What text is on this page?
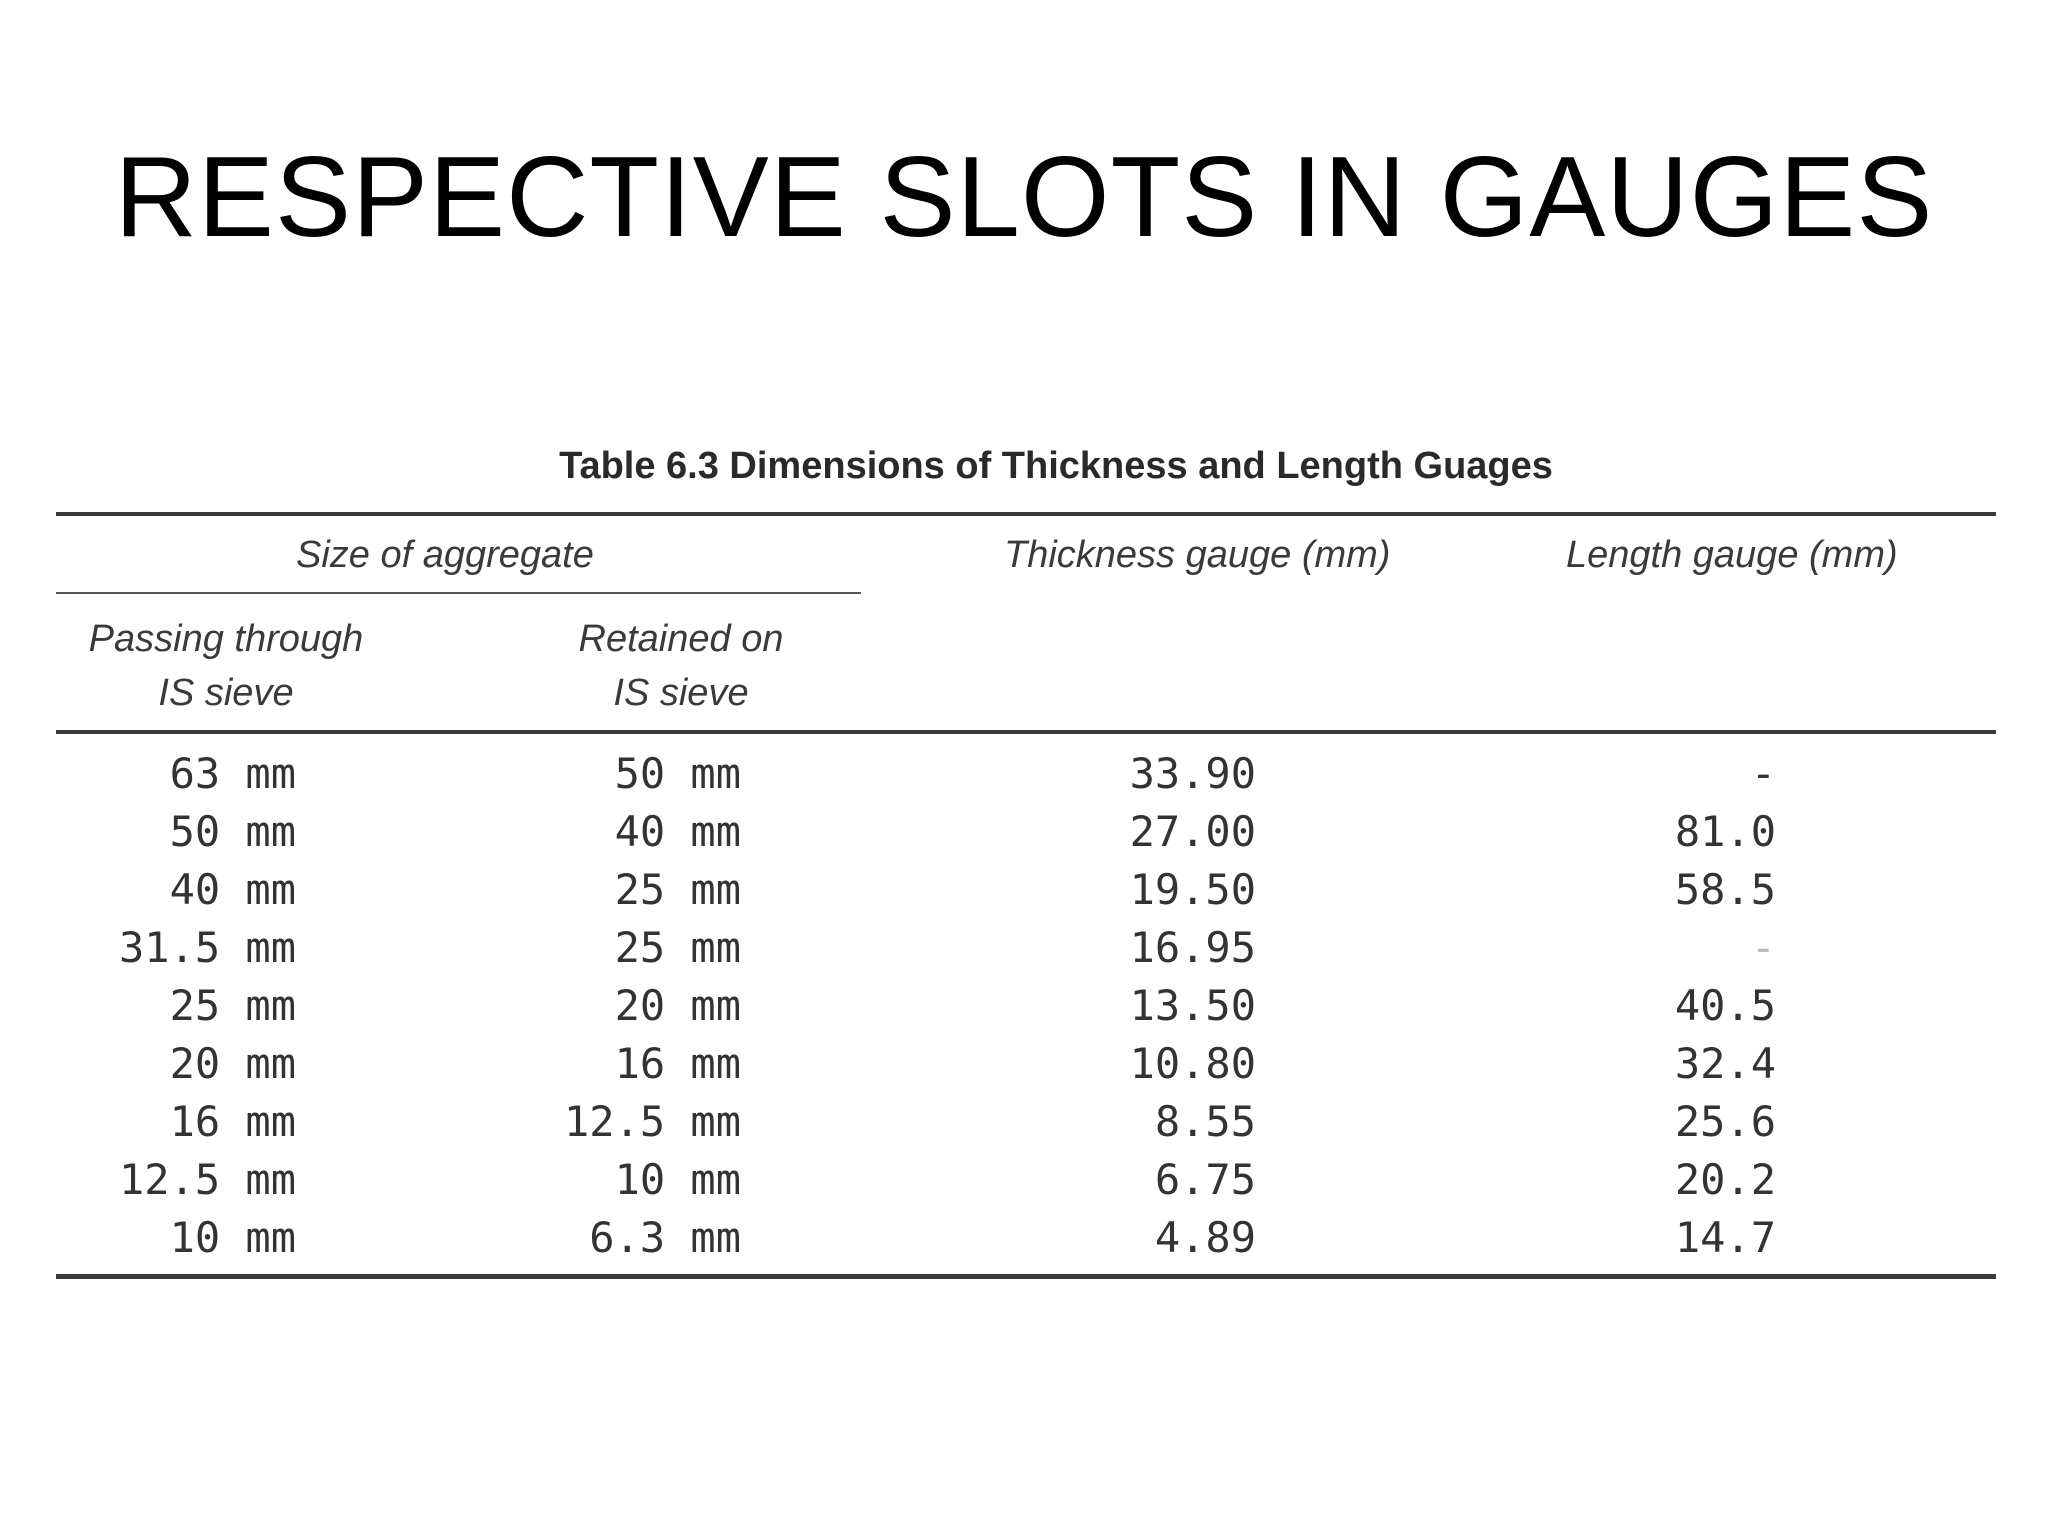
RESPECTIVE SLOTS IN GAUGES
Table 6.3 Dimensions of Thickness and Length Guages
Size of aggregate	Thickness gauge (mm)	Length gauge (mm)
Passing through
IS sieve
Retained on
IS sieve
63 mm	50 mm	33.90	-
50 mm	40 mm	27.00	81.0
40 mm	25 mm	19.50	58.5
31.5 mm	25 mm	16.95	-
25 mm	20 mm	13.50	40.5
20 mm	16 mm	10.80	32.4
16 mm	12.5 mm	8.55	25.6
12.5 mm	10 mm	6.75	20.2
10 mm	6.3 mm	4.89	14.7
